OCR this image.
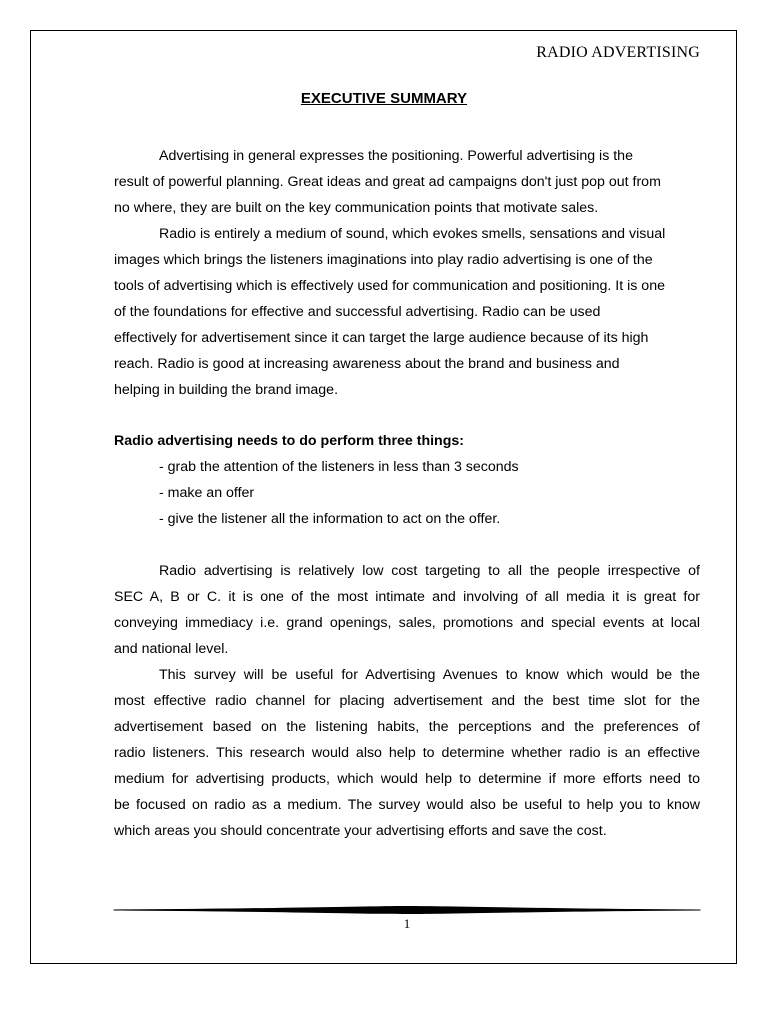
RADIO ADVERTISING
EXECUTIVE SUMMARY
Advertising in general expresses the positioning. Powerful advertising is the
result of powerful planning. Great ideas and great ad campaigns don't just pop out from
no where, they are built on the key communication points that motivate sales.
Radio is entirely a medium of sound, which evokes smells, sensations and visual
images which brings the listeners imaginations into play radio advertising is one of the
tools of advertising which is effectively used for communication and positioning. It is one
of the foundations for effective and successful advertising. Radio can be used
effectively for advertisement since it can target the large audience because of its high
reach. Radio is good at increasing awareness about the brand and business and
helping in building the brand image.
Radio advertising needs to do perform three things:
- grab the attention of the listeners in less than 3 seconds
- make an offer
- give the listener all the information to act on the offer.
Radio advertising is relatively low cost targeting to all the people irrespective of
SEC A, B or C. it is one of the most intimate and involving of all media it is great for
conveying immediacy i.e. grand openings, sales, promotions and special events at local
and national level.
This survey will be useful for Advertising Avenues to know which would be the
most effective radio channel for placing advertisement and the best time slot for the
advertisement based on the listening habits, the perceptions and the preferences of
radio listeners. This research would also help to determine whether radio is an effective
medium for advertising products, which would help to determine if more efforts need to
be focused on radio as a medium. The survey would also be useful to help you to know
which areas you should concentrate your advertising efforts and save the cost.
1
